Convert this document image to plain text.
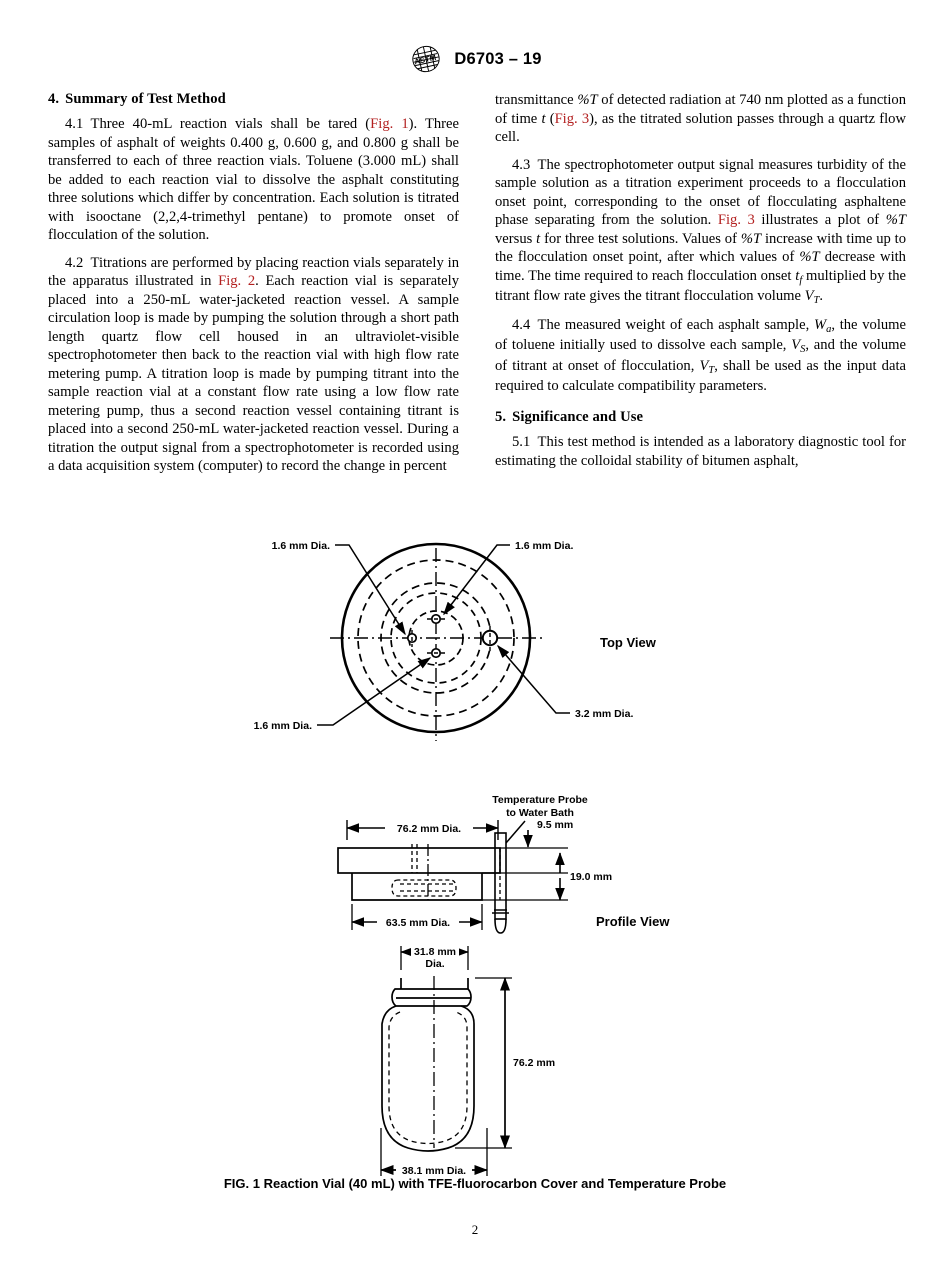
ASTM D6703 – 19
4. Summary of Test Method

4.1 Three 40-mL reaction vials shall be tared (Fig. 1). Three samples of asphalt of weights 0.400 g, 0.600 g, and 0.800 g shall be transferred to each of three reaction vials. Toluene (3.000 mL) shall be added to each reaction vial to dissolve the asphalt constituting three solutions which differ by concentration. Each solution is titrated with isooctane (2,2,4-trimethyl pentane) to promote onset of flocculation of the solution.

4.2 Titrations are performed by placing reaction vials separately in the apparatus illustrated in Fig. 2. Each reaction vial is separately placed into a 250-mL water-jacketed reaction vessel. A sample circulation loop is made by pumping the solution through a short path length quartz flow cell housed in an ultraviolet-visible spectrophotometer then back to the reaction vial with high flow rate metering pump. A titration loop is made by pumping titrant into the sample reaction vial at a constant flow rate using a low flow rate metering pump, thus a second reaction vessel containing titrant is placed into a second 250-mL water-jacketed reaction vessel. During a titration the output signal from a spectrophotometer is recorded using a data acquisition system (computer) to record the change in percent

transmittance %T of detected radiation at 740 nm plotted as a function of time t (Fig. 3), as the titrated solution passes through a quartz flow cell.

4.3 The spectrophotometer output signal measures turbidity of the sample solution as a titration experiment proceeds to a flocculation onset point, corresponding to the onset of flocculating asphaltene phase separating from the solution. Fig. 3 illustrates a plot of %T versus t for three test solutions. Values of %T increase with time up to the flocculation onset point, after which values of %T decrease with time. The time required to reach flocculation onset $t_f$ multiplied by the titrant flow rate gives the titrant flocculation volume $V_T$.

4.4 The measured weight of each asphalt sample, $W_a$, the volume of toluene initially used to dissolve each sample, $V_S$, and the volume of titrant at onset of flocculation, $V_T$, shall be used as the input data required to calculate compatibility parameters.

5. Significance and Use

5.1 This test method is intended as a laboratory diagnostic tool for estimating the colloidal stability of bitumen asphalt,

1.6 mm Dia.	1.6 mm Dia.
1.6 mm Dia.
3.2 mm Dia.
Top View
Temperature Probe
to Water Bath
76.2 mm Dia.	9.5 mm
19.0 mm
63.5 mm Dia.	Profile View
31.8 mm
Dia.
76.2 mm
38.1 mm Dia.
FIG. 1 Reaction Vial (40 mL) with TFE-fluorocarbon Cover and Temperature Probe
2
